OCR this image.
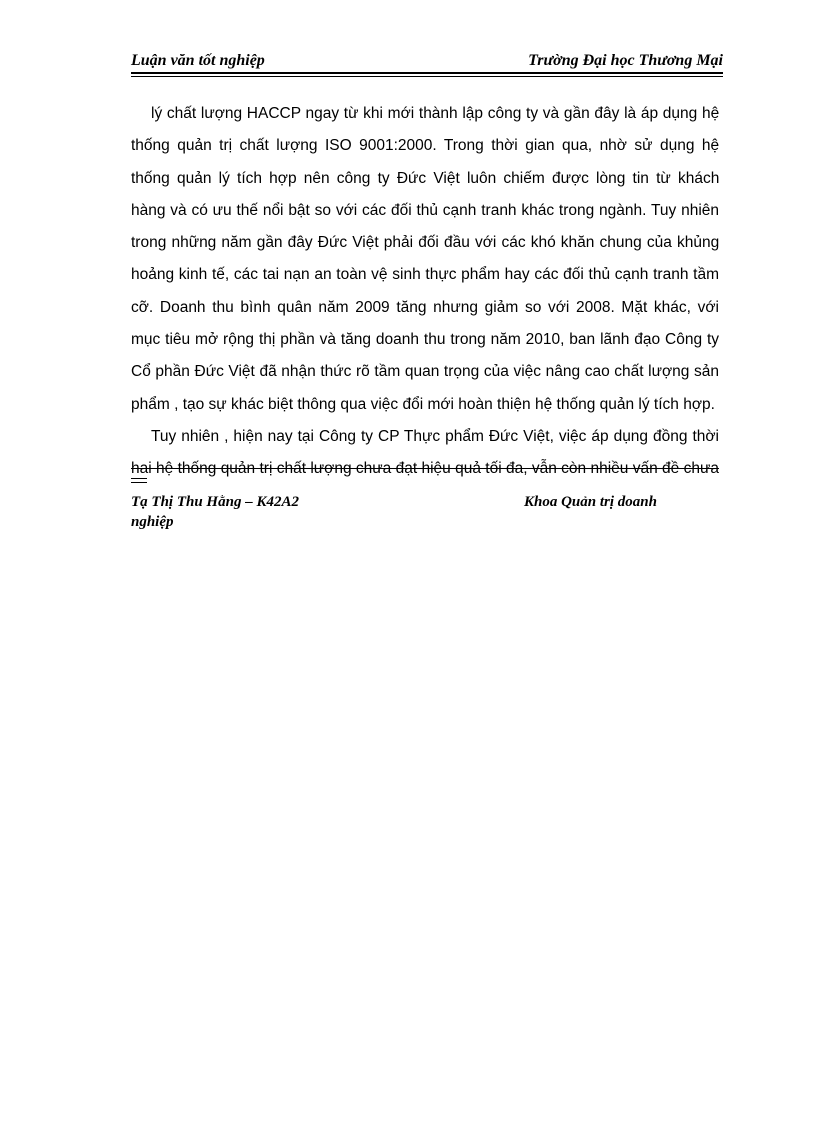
Luận văn tốt nghiệp	Trường Đại học Thương Mại
lý chất lượng HACCP ngay từ khi mới thành lập công ty và gần đây là áp dụng hệ
thống quản trị chất lượng ISO 9001:2000. Trong thời gian qua, nhờ sử dụng hệ
thống quản lý tích hợp nên công ty Đức Việt luôn chiếm được lòng tin từ khách
hàng và có ưu thế nổi bật so với các đối thủ cạnh tranh khác trong ngành. Tuy nhiên
trong những năm gần đây Đức Việt phải đối đầu với các khó khăn chung của khủng
hoảng kinh tế, các tai nạn an toàn vệ sinh thực phẩm hay các đối thủ cạnh tranh tầm
cỡ. Doanh thu bình quân năm 2009 tăng nhưng giảm so với 2008. Mặt khác, với
mục tiêu mở rộng thị phần và tăng doanh thu trong năm 2010, ban lãnh đạo Công ty
Cổ phần Đức Việt đã nhận thức rõ tầm quan trọng của việc nâng cao chất lượng sản
phẩm , tạo sự khác biệt thông qua việc đổi mới hoàn thiện hệ thống quản lý tích hợp.
Tuy nhiên , hiện nay tại Công ty CP Thực phẩm Đức Việt, việc áp dụng đồng thời
hai hệ thống quản trị chất lượng chưa đạt hiệu quả tối đa, vẫn còn nhiều vấn đề chưa
Tạ Thị Thu Hằng – K42A2	Khoa Quản trị doanh
nghiệp
